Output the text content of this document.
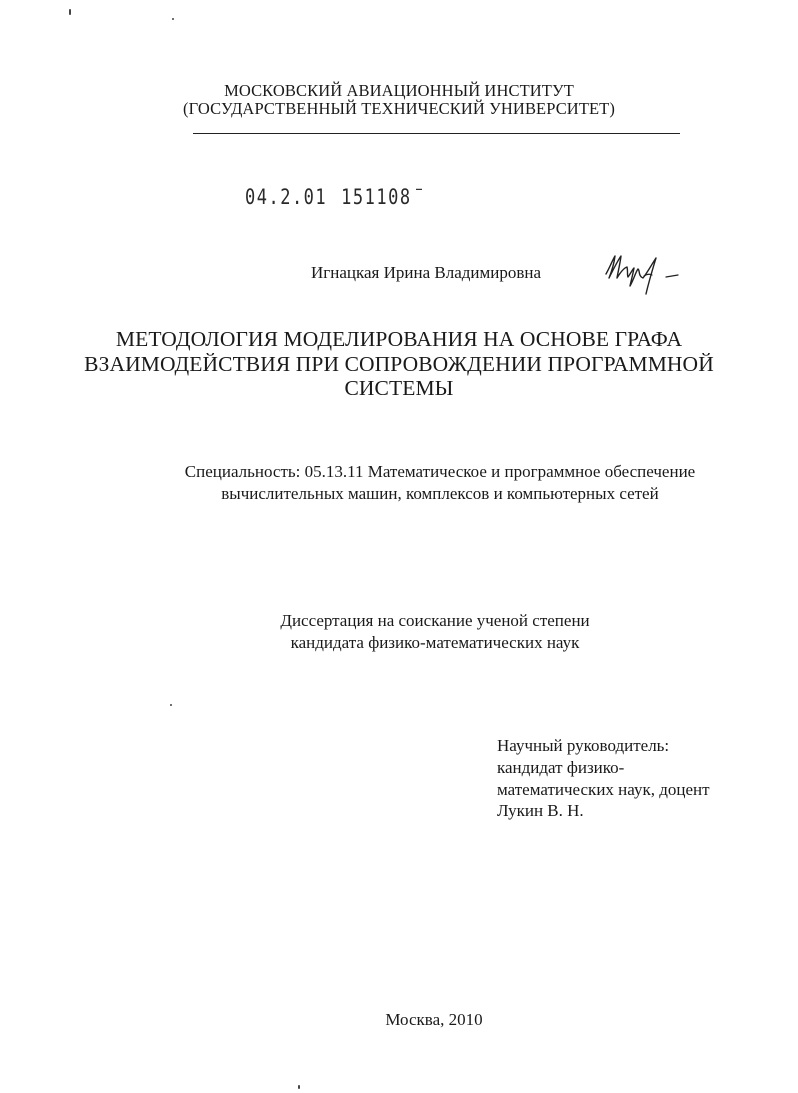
МОСКОВСКИЙ АВИАЦИОННЫЙ ИНСТИТУТ
(ГОСУДАРСТВЕННЫЙ ТЕХНИЧЕСКИЙ УНИВЕРСИТЕТ)
04.2.01 151108
Игнацкая Ирина Владимировна
МЕТОДОЛОГИЯ МОДЕЛИРОВАНИЯ НА ОСНОВЕ ГРАФА
ВЗАИМОДЕЙСТВИЯ ПРИ СОПРОВОЖДЕНИИ ПРОГРАММНОЙ
СИСТЕМЫ
Специальность: 05.13.11 Математическое и программное обеспечение
вычислительных машин, комплексов и компьютерных сетей
Диссертация на соискание ученой степени
кандидата физико-математических наук
Научный руководитель:
кандидат физико-
математических наук, доцент
Лукин В. Н.
Москва, 2010
